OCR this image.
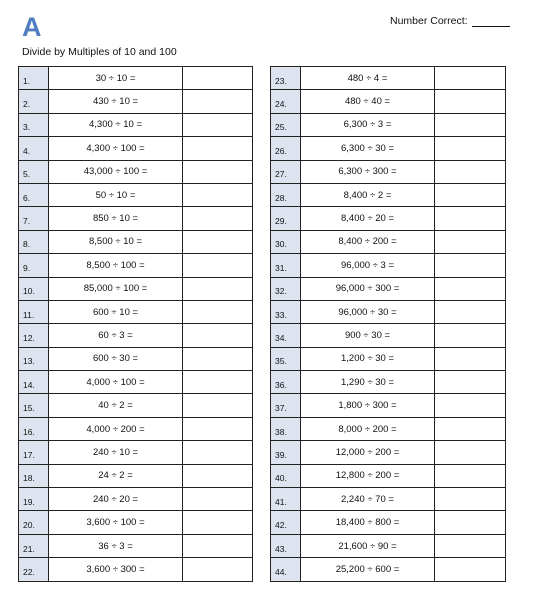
A	Number Correct:
Divide by Multiples of 10 and 100
1.	30 ÷ 10 =	
2.	430 ÷ 10 =	
3.	4,300 ÷ 10 =	
4.	4,300 ÷ 100 =	
5.	43,000 ÷ 100 =	
6.	50 ÷ 10 =	
7.	850 ÷ 10 =	
8.	8,500 ÷ 10 =	
9.	8,500 ÷ 100 =	
10.	85,000 ÷ 100 =	
11.	600 ÷ 10 =	
12.	60 ÷ 3 =	
13.	600 ÷ 30 =	
14.	4,000 ÷ 100 =	
15.	40 ÷ 2 =	
16.	4,000 ÷ 200 =	
17.	240 ÷ 10 =	
18.	24 ÷ 2 =	
19.	240 ÷ 20 =	
20.	3,600 ÷ 100 =	
21.	36 ÷ 3 =	
22.	3,600 ÷ 300 =	
23.	480 ÷ 4 =	
24.	480 ÷ 40 =	
25.	6,300 ÷ 3 =	
26.	6,300 ÷ 30 =	
27.	6,300 ÷ 300 =	
28.	8,400 ÷ 2 =	
29.	8,400 ÷ 20 =	
30.	8,400 ÷ 200 =	
31.	96,000 ÷ 3 =	
32.	96,000 ÷ 300 =	
33.	96,000 ÷ 30 =	
34.	900 ÷ 30 =	
35.	1,200 ÷ 30 =	
36.	1,290 ÷ 30 =	
37.	1,800 ÷ 300 =	
38.	8,000 ÷ 200 =	
39.	12,000 ÷ 200 =	
40.	12,800 ÷ 200 =	
41.	2,240 ÷ 70 =	
42.	18,400 ÷ 800 =	
43.	21,600 ÷ 90 =	
44.	25,200 ÷ 600 =	
